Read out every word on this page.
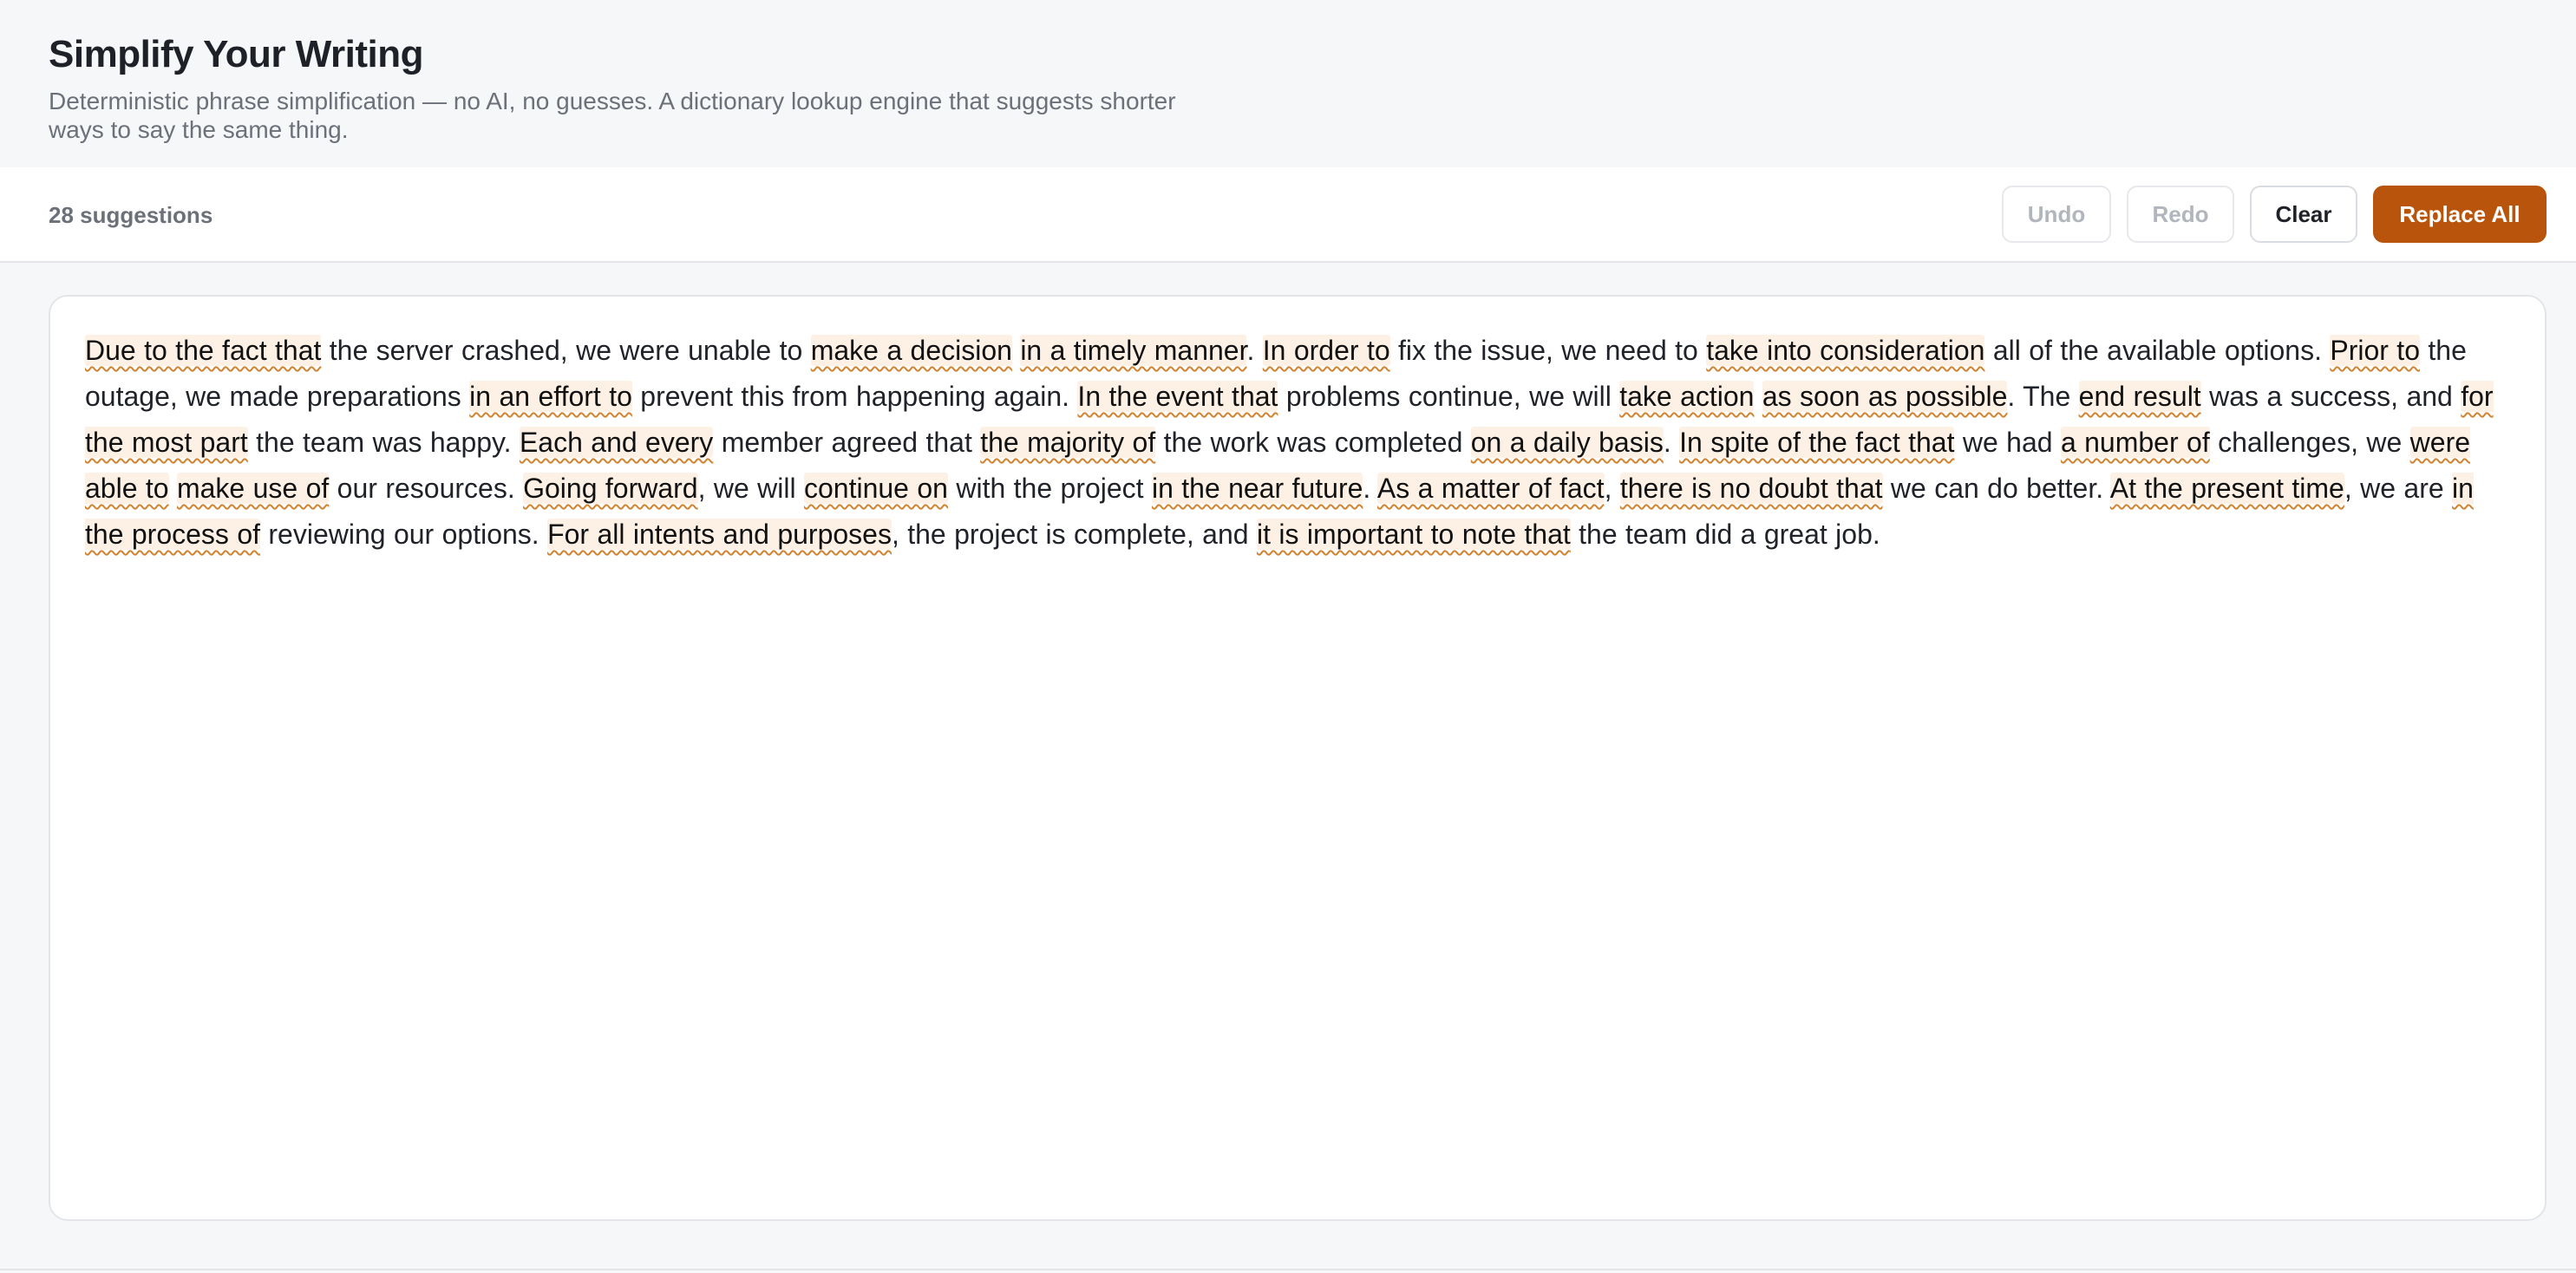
Simplify Your Writing

Deterministic phrase simplification — no AI, no guesses. A dictionary lookup engine that suggests shorter ways to say the same thing.

28 suggestions	Undo	Redo	Clear	Replace All
Due to the fact that the server crashed, we were unable to make a decision in a timely manner. In order to fix the issue, we need to take into consideration all of the available options. Prior to the outage, we made preparations in an effort to prevent this from happening again. In the event that problems continue, we will take action as soon as possible. The end result was a success, and for the most part the team was happy. Each and every member agreed that the majority of the work was completed on a daily basis. In spite of the fact that we had a number of challenges, we were able to make use of our resources. Going forward, we will continue on with the project in the near future. As a matter of fact, there is no doubt that we can do better. At the present time, we are in the process of reviewing our options. For all intents and purposes, the project is complete, and it is important to note that the team did a great job.
